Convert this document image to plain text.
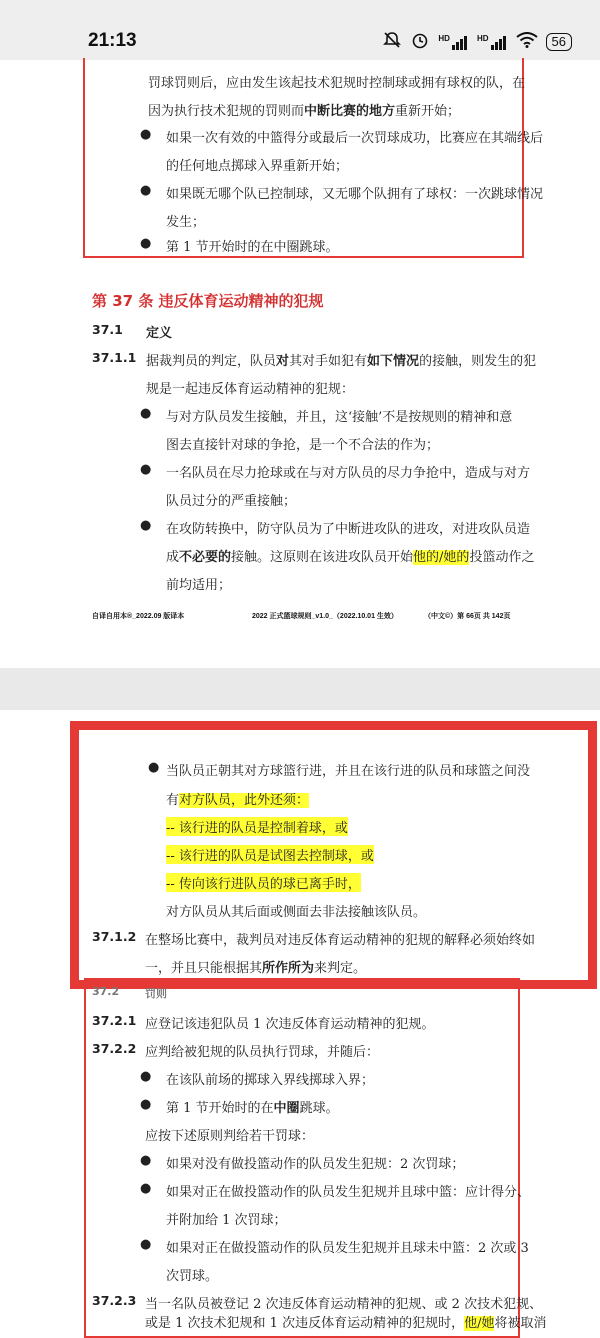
21:13	HD	HD	56
罚球罚则后，应由发生该起技术犯规时控制球或拥有球权的队，在
因为执行技术犯规的罚则而中断比赛的地方重新开始；
● 如果一次有效的中篮得分或最后一次罚球成功，比赛应在其端线后
的任何地点掷球入界重新开始；
● 如果既无哪个队已控制球，又无哪个队拥有了球权：一次跳球情况
发生；
● 第 1 节开始时的在中圈跳球。
第 37 条 违反体育运动精神的犯规
37.1 定义
37.1.1 据裁判员的判定，队员对其对手如犯有如下情况的接触，则发生的犯
规是一起违反体育运动精神的犯规：
● 与对方队员发生接触，并且，这‘接触’不是按规则的精神和意
图去直接针对球的争抢，是一个不合法的作为；
● 一名队员在尽力抢球或在与对方队员的尽力争抢中，造成与对方
队员过分的严重接触；
● 在攻防转换中，防守队员为了中断进攻队的进攻，对进攻队员造
成不必要的接触。这原则在该进攻队员开始他的/她的投篮动作之
前均适用；
自译自用本®_2022.09 版译本	2022 正式篮球规则_v1.0_（2022.10.01 生效）	（中文©）第 66页 共 142页
● 当队员正朝其对方球篮行进，并且在该行进的队员和球篮之间没
有对方队员，此外还须：
-- 该行进的队员是控制着球，或
-- 该行进的队员是试图去控制球，或
-- 传向该行进队员的球已离手时，
对方队员从其后面或侧面去非法接触该队员。
37.1.2 在整场比赛中，裁判员对违反体育运动精神的犯规的解释必须始终如
一，并且只能根据其所作所为来判定。
37.2 罚则
37.2.1 应登记该违犯队员 1 次违反体育运动精神的犯规。
37.2.2 应判给被犯规的队员执行罚球，并随后：
● 在该队前场的掷球入界线掷球入界；
● 第 1 节开始时的在中圈跳球。
应按下述原则判给若干罚球：
● 如果对没有做投篮动作的队员发生犯规：2 次罚球；
● 如果对正在做投篮动作的队员发生犯规并且球中篮：应计得分、
并附加给 1 次罚球；
● 如果对正在做投篮动作的队员发生犯规并且球未中篮：2 次或 3
次罚球。
37.2.3 当一名队员被登记 2 次违反体育运动精神的犯规、或 2 次技术犯规、
或是 1 次技术犯规和 1 次违反体育运动精神的犯规时，他/她将被取消
